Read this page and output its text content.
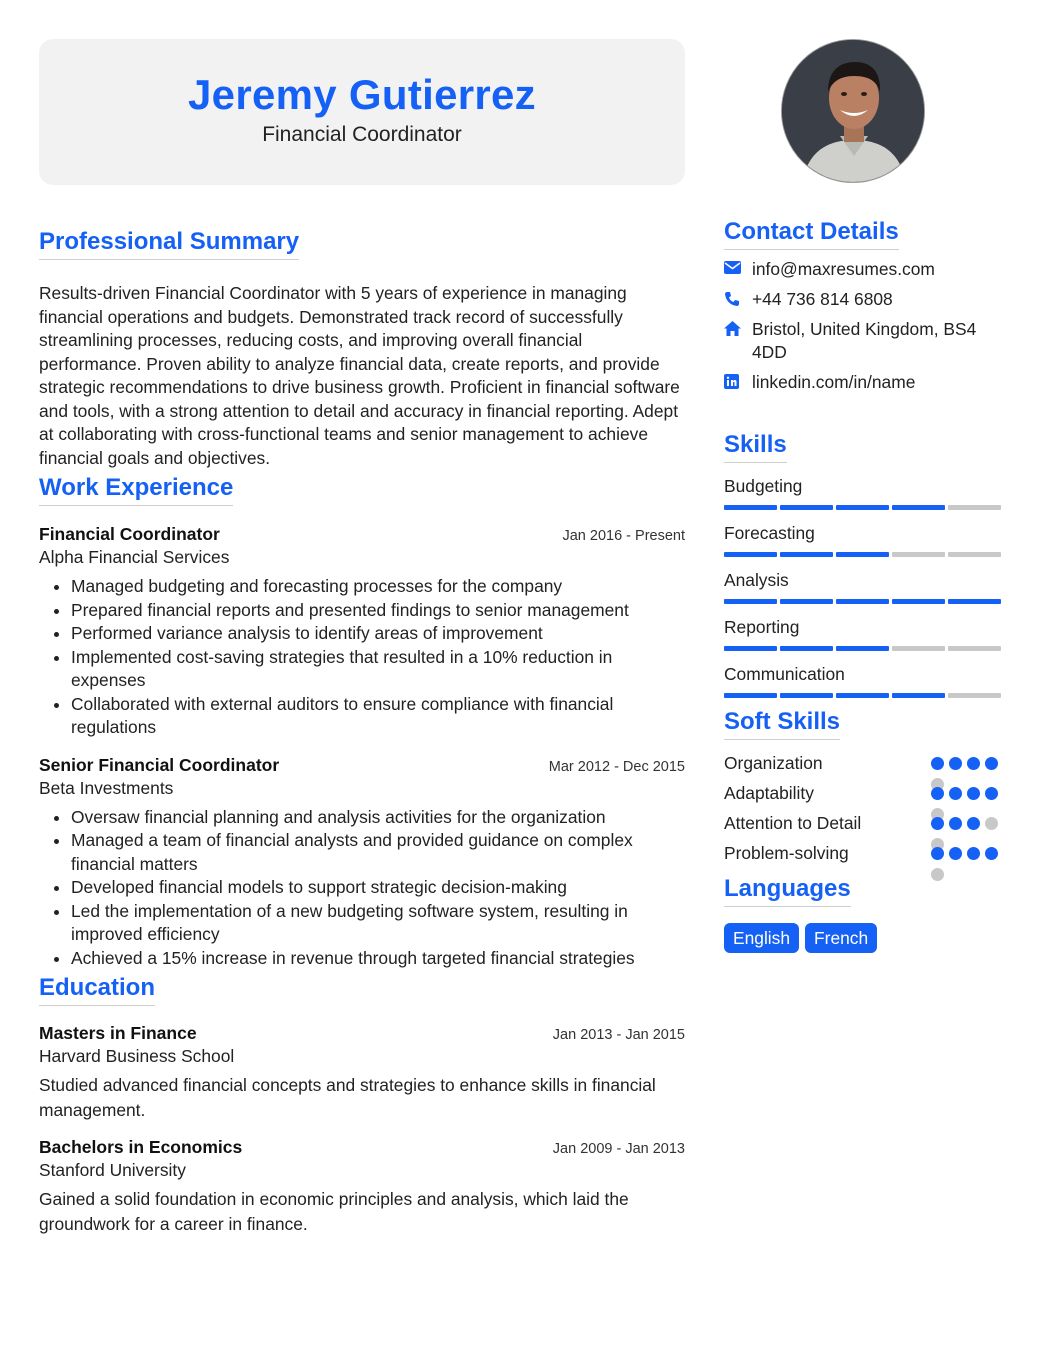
Jeremy Gutierrez
Financial Coordinator
Professional Summary

Results-driven Financial Coordinator with 5 years of experience in managing financial operations and budgets. Demonstrated track record of successfully streamlining processes, reducing costs, and improving overall financial performance. Proven ability to analyze financial data, create reports, and provide strategic recommendations to drive business growth. Proficient in financial software and tools, with a strong attention to detail and accuracy in financial reporting. Adept at collaborating with cross-functional teams and senior management to achieve financial goals and objectives.

Work Experience
Financial Coordinator	Jan 2016 - Present
Alpha Financial Services
• Managed budgeting and forecasting processes for the company
• Prepared financial reports and presented findings to senior management
• Performed variance analysis to identify areas of improvement
• Implemented cost-saving strategies that resulted in a 10% reduction in expenses
• Collaborated with external auditors to ensure compliance with financial regulations
Senior Financial Coordinator	Mar 2012 - Dec 2015
Beta Investments
• Oversaw financial planning and analysis activities for the organization
• Managed a team of financial analysts and provided guidance on complex financial matters
• Developed financial models to support strategic decision-making
• Led the implementation of a new budgeting software system, resulting in improved efficiency
• Achieved a 15% increase in revenue through targeted financial strategies
Education
Masters in Finance	Jan 2013 - Jan 2015
Harvard Business School

Studied advanced financial concepts and strategies to enhance skills in financial management.

Bachelors in Economics	Jan 2009 - Jan 2013
Stanford University

Gained a solid foundation in economic principles and analysis, which laid the groundwork for a career in finance.

Contact Details
info@maxresumes.com
+44 736 814 6808
Bristol, United Kingdom, BS4 4DD
linkedin.com/in/name
Skills
Budgeting
Forecasting
Analysis
Reporting
Communication
Soft Skills
Organization
Adaptability
Attention to Detail
Problem-solving
Languages
English	French
